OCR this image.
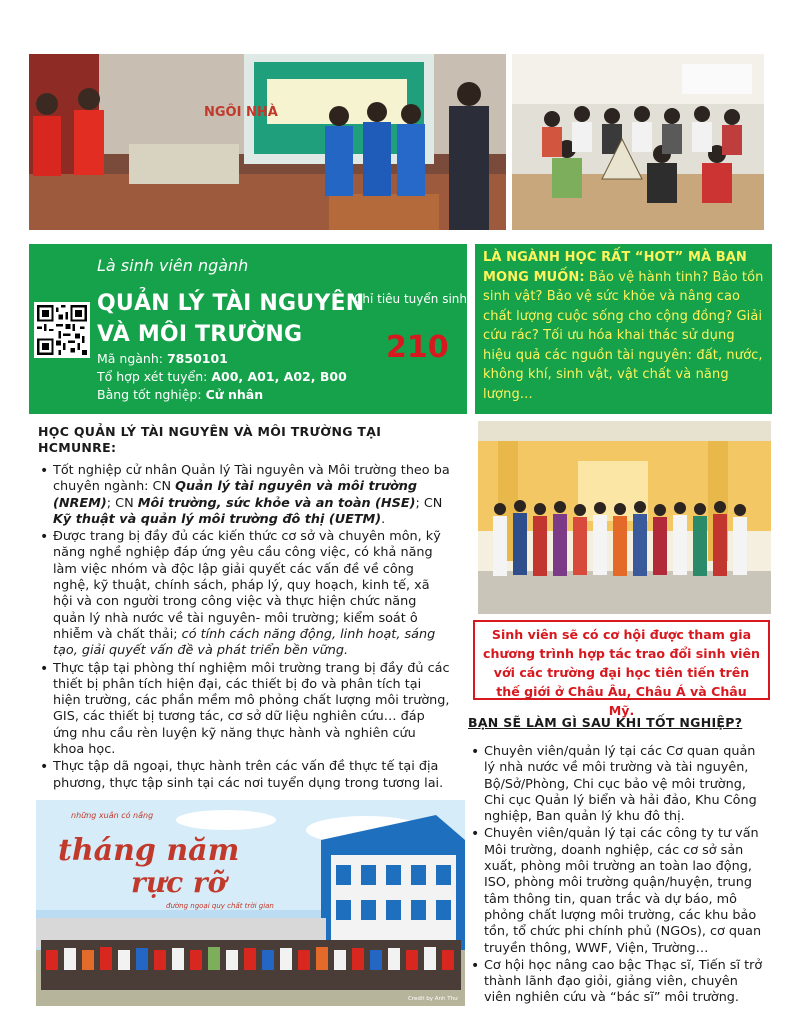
NGÔI NHÀ
Là sinh viên ngành
QUẢN LÝ TÀI NGUYÊN
VÀ MÔI TRƯỜNG
Chỉ tiêu tuyển sinh
210
Mã ngành: 7850101
Tổ hợp xét tuyển: A00, A01, A02, B00
Bằng tốt nghiệp: Cử nhân

LÀ NGÀNH HỌC RẤT “HOT” MÀ BẠN MONG MUỐN: Bảo vệ hành tinh? Bảo tồn sinh vật? Bảo vệ sức khỏe và nâng cao chất lượng cuộc sống cho cộng đồng? Giải cứu rác? Tối ưu hóa khai thác sử dụng hiệu quả các nguồn tài nguyên: đất, nước, không khí, sinh vật, vật chất và năng lượng…

HỌC QUẢN LÝ TÀI NGUYÊN VÀ MÔI TRƯỜNG TẠI HCMUNRE:
• Tốt nghiệp cử nhân Quản lý Tài nguyên và Môi trường theo ba chuyên ngành: CN Quản lý tài nguyên và môi trường (NREM); CN Môi trường, sức khỏe và an toàn (HSE); CN Kỹ thuật và quản lý môi trường đô thị (UETM).
• Được trang bị đầy đủ các kiến thức cơ sở và chuyên môn, kỹ năng nghề nghiệp đáp ứng yêu cầu công việc, có khả năng làm việc nhóm và độc lập giải quyết các vấn đề về công nghệ, kỹ thuật, chính sách, pháp lý, quy hoạch, kinh tế, xã hội và con người trong công việc và thực hiện chức năng quản lý nhà nước về tài nguyên- môi trường; kiểm soát ô nhiễm và chất thải; có tính cách năng động, linh hoạt, sáng tạo, giải quyết vấn đề và phát triển bền vững.
• Thực tập tại phòng thí nghiệm môi trường trang bị đầy đủ các thiết bị phân tích hiện đại, các thiết bị đo và phân tích tại hiện trường, các phần mềm mô phỏng chất lượng môi trường, GIS, các thiết bị tương tác, cơ sở dữ liệu nghiên cứu… đáp ứng nhu cầu rèn luyện kỹ năng thực hành và nghiên cứu khoa học.
• Thực tập dã ngoại, thực hành trên các vấn đề thực tế tại địa phương, thực tập sinh tại các nơi tuyển dụng trong tương lai.

Sinh viên sẽ có cơ hội được tham gia chương trình hợp tác trao đổi sinh viên với các trường đại học tiên tiến trên thế giới ở Châu Âu, Châu Á và Châu Mỹ.

BẠN SẼ LÀM GÌ SAU KHI TỐT NGHIỆP?
• Chuyên viên/quản lý tại các Cơ quan quản lý nhà nước về môi trường và tài nguyên, Bộ/Sở/Phòng, Chi cục bảo vệ môi trường, Chi cục Quản lý biển và hải đảo, Khu Công nghiệp, Ban quản lý khu đô thị.
• Chuyên viên/quản lý tại các công ty tư vấn Môi trường, doanh nghiệp, các cơ sở sản xuất, phòng môi trường an toàn lao động, ISO, phòng môi trường quận/huyện, trung tâm thông tin, quan trắc và dự báo, mô phỏng chất lượng môi trường, các khu bảo tồn, tổ chức phi chính phủ (NGOs), cơ quan truyền thông, WWF, Viện, Trường…
• Cơ hội học nâng cao bậc Thạc sĩ, Tiến sĩ trở thành lãnh đạo giỏi, giảng viên, chuyên viên nghiên cứu và “bác sĩ” môi trường.
tháng năm
rực rỡ
những xuân có nắng
đường ngoại quy chất trời gian
Credit by Anh Thư
